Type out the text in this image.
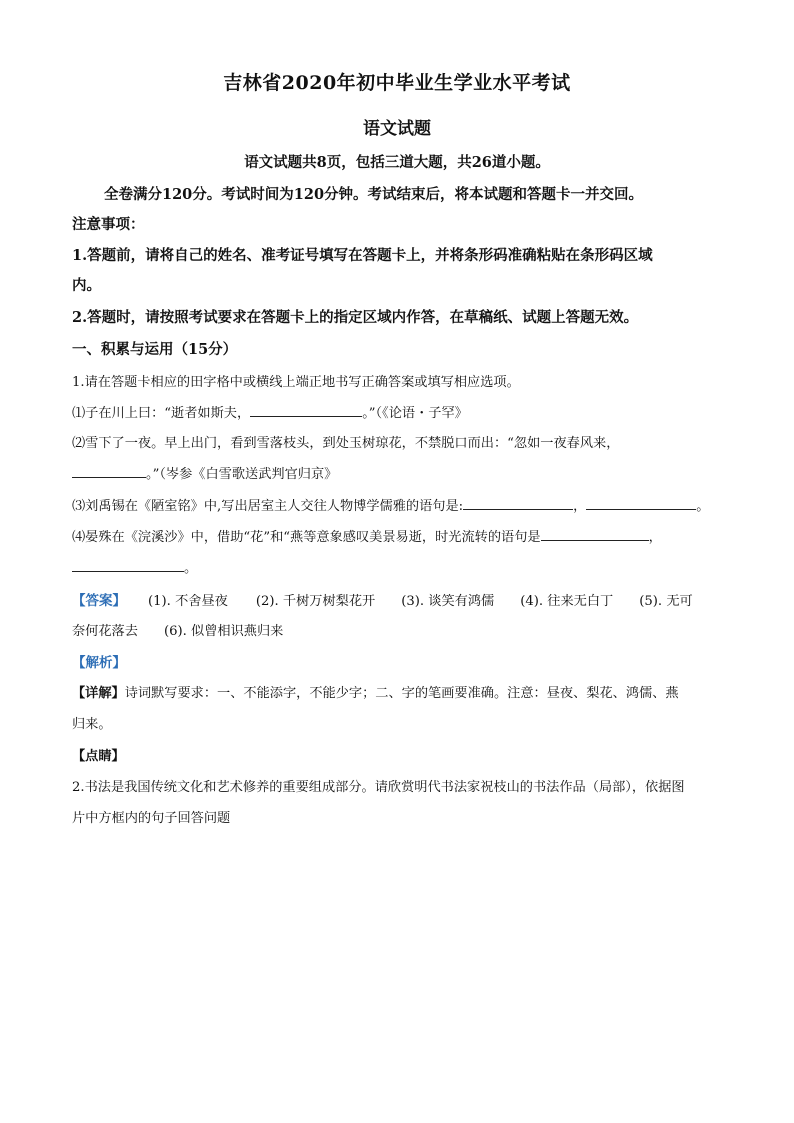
吉林省2020年初中毕业生学业水平考试
语文试题
语文试题共8页，包括三道大题，共26道小题。
全卷满分120分。考试时间为120分钟。考试结束后，将本试题和答题卡一并交回。
注意事项：
1.答题前，请将自己的姓名、准考证号填写在答题卡上，并将条形码准确粘贴在条形码区域
内。
2.答题时，请按照考试要求在答题卡上的指定区域内作答，在草稿纸、试题上答题无效。
一、积累与运用（15分）
1.请在答题卡相应的田字格中或横线上端正地书写正确答案或填写相应选项。
⑴子在川上曰：“逝者如斯夫，	。”（《论语・子罕》
⑵雪下了一夜。早上出门，看到雪落枝头，到处玉树琼花，不禁脱口而出：“忽如一夜春风来，
。”（岑参《白雪歌送武判官归京》
⑶刘禹锡在《陋室铭》中,写出居室主人交往人物博学儒雅的语句是:	，	。
⑷晏殊在《浣溪沙》中，借助“花”和“燕等意象感叹美景易逝，时光流转的语句是	，
。
【答案】 (1). 不舍昼夜 (2). 千树万树梨花开 (3). 谈笑有鸿儒 (4). 往来无白丁 (5). 无可
奈何花落去 (6). 似曾相识燕归来
【解析】
【详解】诗词默写要求：一、不能添字，不能少字；二、字的笔画要准确。注意：昼夜、梨花、鸿儒、燕
归来。
【点睛】
2.书法是我国传统文化和艺术修养的重要组成部分。请欣赏明代书法家祝枝山的书法作品（局部），依据图
片中方框内的句子回答问题
